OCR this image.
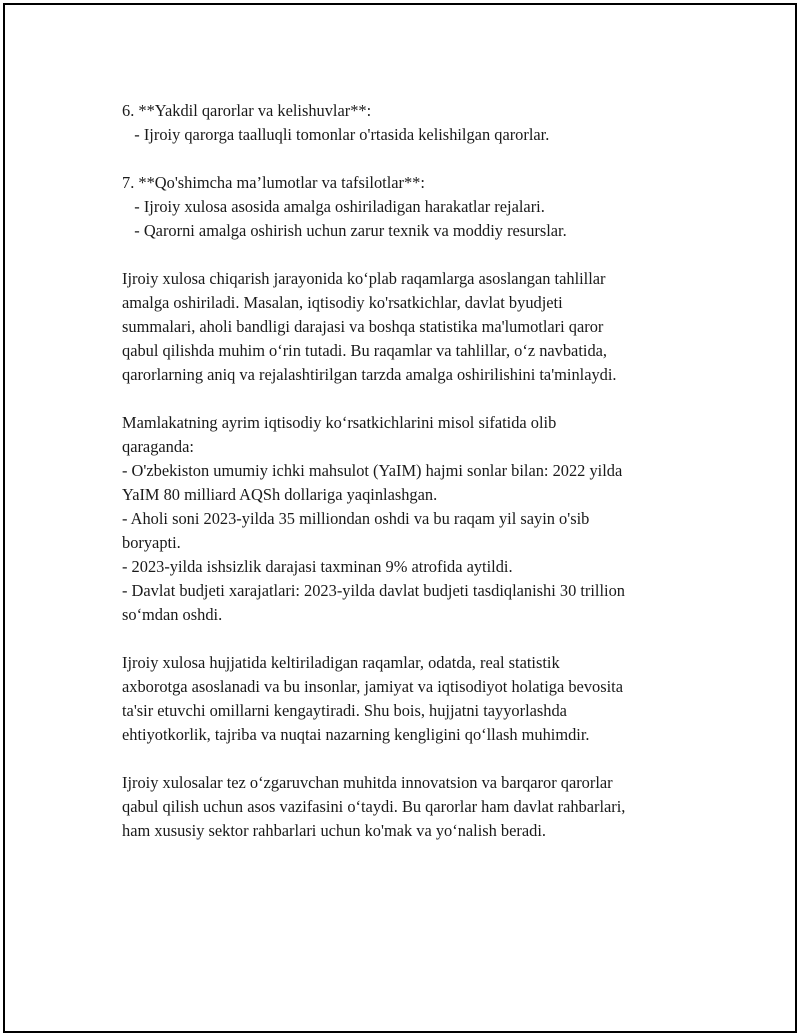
6. **Yakdil qarorlar va kelishuvlar**:
- Ijroiy qarorga taalluqli tomonlar o'rtasida kelishilgan qarorlar.
7. **Qo'shimcha ma’lumotlar va tafsilotlar**:
- Ijroiy xulosa asosida amalga oshiriladigan harakatlar rejalari.
- Qarorni amalga oshirish uchun zarur texnik va moddiy resurslar.
Ijroiy xulosa chiqarish jarayonida ko‘plab raqamlarga asoslangan tahlillar
amalga oshiriladi. Masalan, iqtisodiy ko'rsatkichlar, davlat byudjeti
summalari, aholi bandligi darajasi va boshqa statistika ma'lumotlari qaror
qabul qilishda muhim o‘rin tutadi. Bu raqamlar va tahlillar, o‘z navbatida,
qarorlarning aniq va rejalashtirilgan tarzda amalga oshirilishini ta'minlaydi.
Mamlakatning ayrim iqtisodiy ko‘rsatkichlarini misol sifatida olib
qaraganda:
- O'zbekiston umumiy ichki mahsulot (YaIM) hajmi sonlar bilan: 2022 yilda
YaIM 80 milliard AQSh dollariga yaqinlashgan.
- Aholi soni 2023-yilda 35 milliondan oshdi va bu raqam yil sayin o'sib
boryapti.
- 2023-yilda ishsizlik darajasi taxminan 9% atrofida aytildi.
- Davlat budjeti xarajatlari: 2023-yilda davlat budjeti tasdiqlanishi 30 trillion
so‘mdan oshdi.
Ijroiy xulosa hujjatida keltiriladigan raqamlar, odatda, real statistik
axborotga asoslanadi va bu insonlar, jamiyat va iqtisodiyot holatiga bevosita
ta'sir etuvchi omillarni kengaytiradi. Shu bois, hujjatni tayyorlashda
ehtiyotkorlik, tajriba va nuqtai nazarning kengligini qo‘llash muhimdir.
Ijroiy xulosalar tez o‘zgaruvchan muhitda innovatsion va barqaror qarorlar
qabul qilish uchun asos vazifasini o‘taydi. Bu qarorlar ham davlat rahbarlari,
ham xususiy sektor rahbarlari uchun ko'mak va yo‘nalish beradi.
